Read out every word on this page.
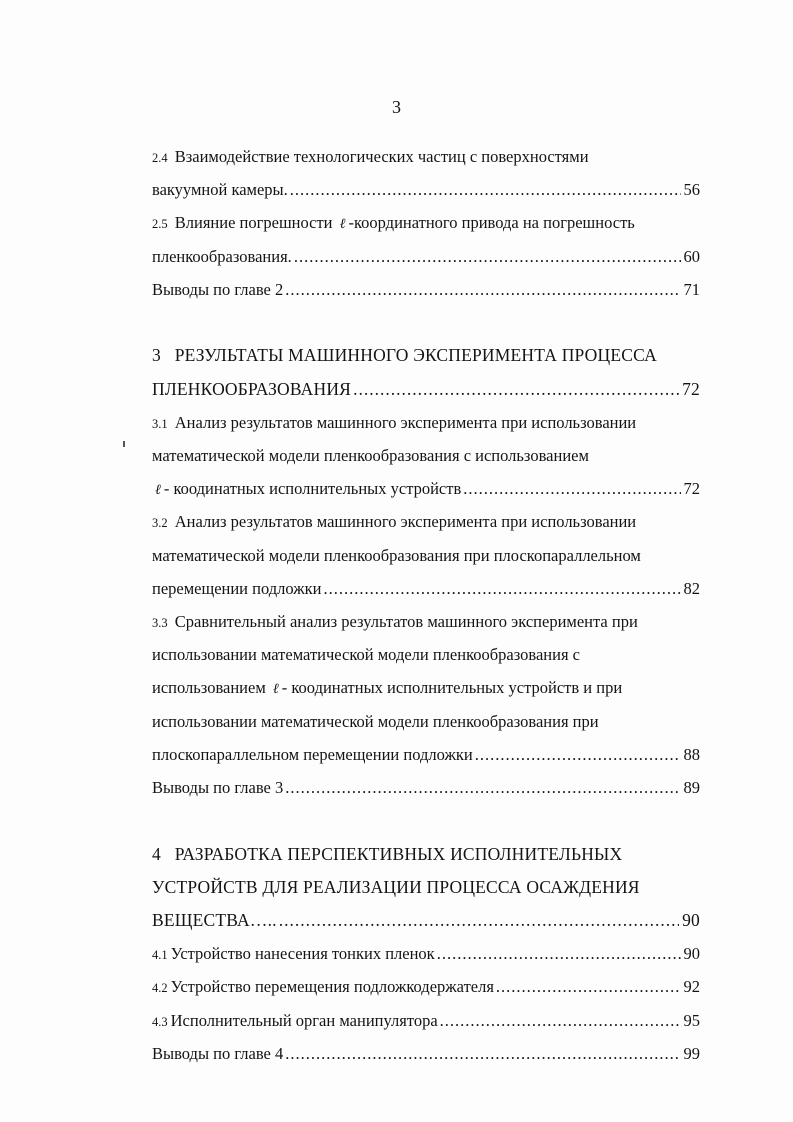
3
2.4 Взаимодействие технологических частиц с поверхностями
вакуумной камеры. .....	56
2.5 Влияние погрешности ℓ -координатного привода на погрешность
пленкообразования. .....	60
Выводы по главе 2 .....	71
3 РЕЗУЛЬТАТЫ МАШИННОГО ЭКСПЕРИМЕНТА ПРОЦЕССА
ПЛЕНКООБРАЗОВАНИЯ .....	72
3.1 Анализ результатов машинного эксперимента при использовании
математической модели пленкообразования с использованием
ℓ - коодинатных исполнительных устройств .....	72
3.2 Анализ результатов машинного эксперимента при использовании
математической модели пленкообразования при плоскопараллельном
перемещении подложки .....	82
3.3 Сравнительный анализ результатов машинного эксперимента при
использовании математической модели пленкообразования с
использованием ℓ - коодинатных исполнительных устройств и при
использовании математической модели пленкообразования при
плоскопараллельном перемещении подложки .....	88
Выводы по главе 3 .....	89
4 РАЗРАБОТКА ПЕРСПЕКТИВНЫХ ИСПОЛНИТЕЛЬНЫХ
УСТРОЙСТВ ДЛЯ РЕАЛИЗАЦИИ ПРОЦЕССА ОСАЖДЕНИЯ
ВЕЩЕСТВА….. .....	90
4.1 Устройство нанесения тонких пленок .....	90
4.2 Устройство перемещения подложкодержателя .....	92
4.3 Исполнительный орган манипулятора .....	95
Выводы по главе 4 .....	99
